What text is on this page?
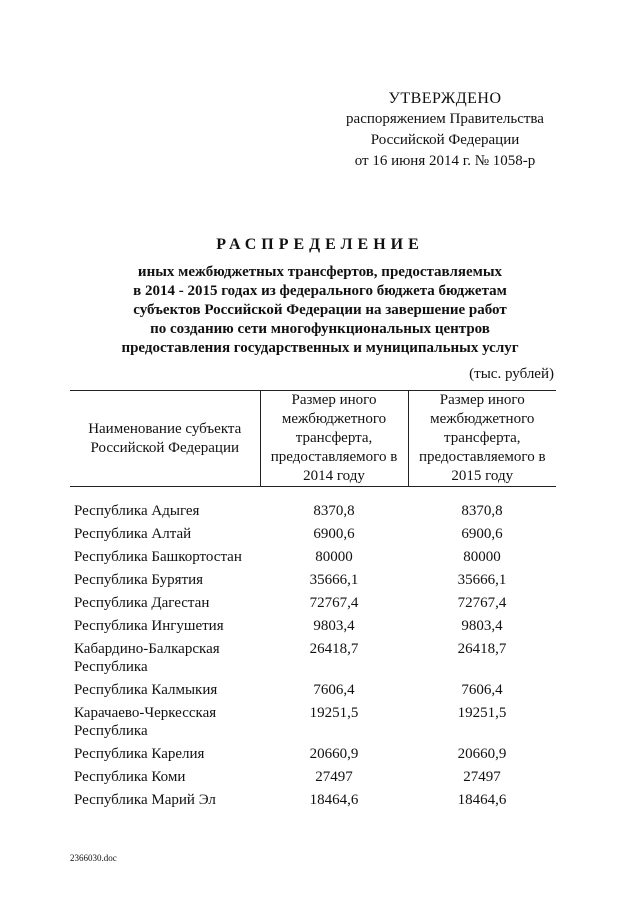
УТВЕРЖДЕНО
распоряжением Правительства
Российской Федерации
от 16 июня 2014 г. № 1058-р
РАСПРЕДЕЛЕНИЕ
иных межбюджетных трансфертов, предоставляемых
в 2014 - 2015 годах из федерального бюджета бюджетам
субъектов Российской Федерации на завершение работ
по созданию сети многофункциональных центров
предоставления государственных и муниципальных услуг
(тыс. рублей)
Наименование субъекта Российской Федерации	Размер иного межбюджетного трансферта, предоставляемого в 2014 году	Размер иного межбюджетного трансферта, предоставляемого в 2015 году

Республика Адыгея	8370,8	8370,8
Республика Алтай	6900,6	6900,6
Республика Башкортостан	80000	80000
Республика Бурятия	35666,1	35666,1
Республика Дагестан	72767,4	72767,4
Республика Ингушетия	9803,4	9803,4
Кабардино-Балкарская Республика	26418,7	26418,7
Республика Калмыкия	7606,4	7606,4
Карачаево-Черкесская Республика	19251,5	19251,5
Республика Карелия	20660,9	20660,9
Республика Коми	27497	27497
Республика Марий Эл	18464,6	18464,6
2366030.doc
